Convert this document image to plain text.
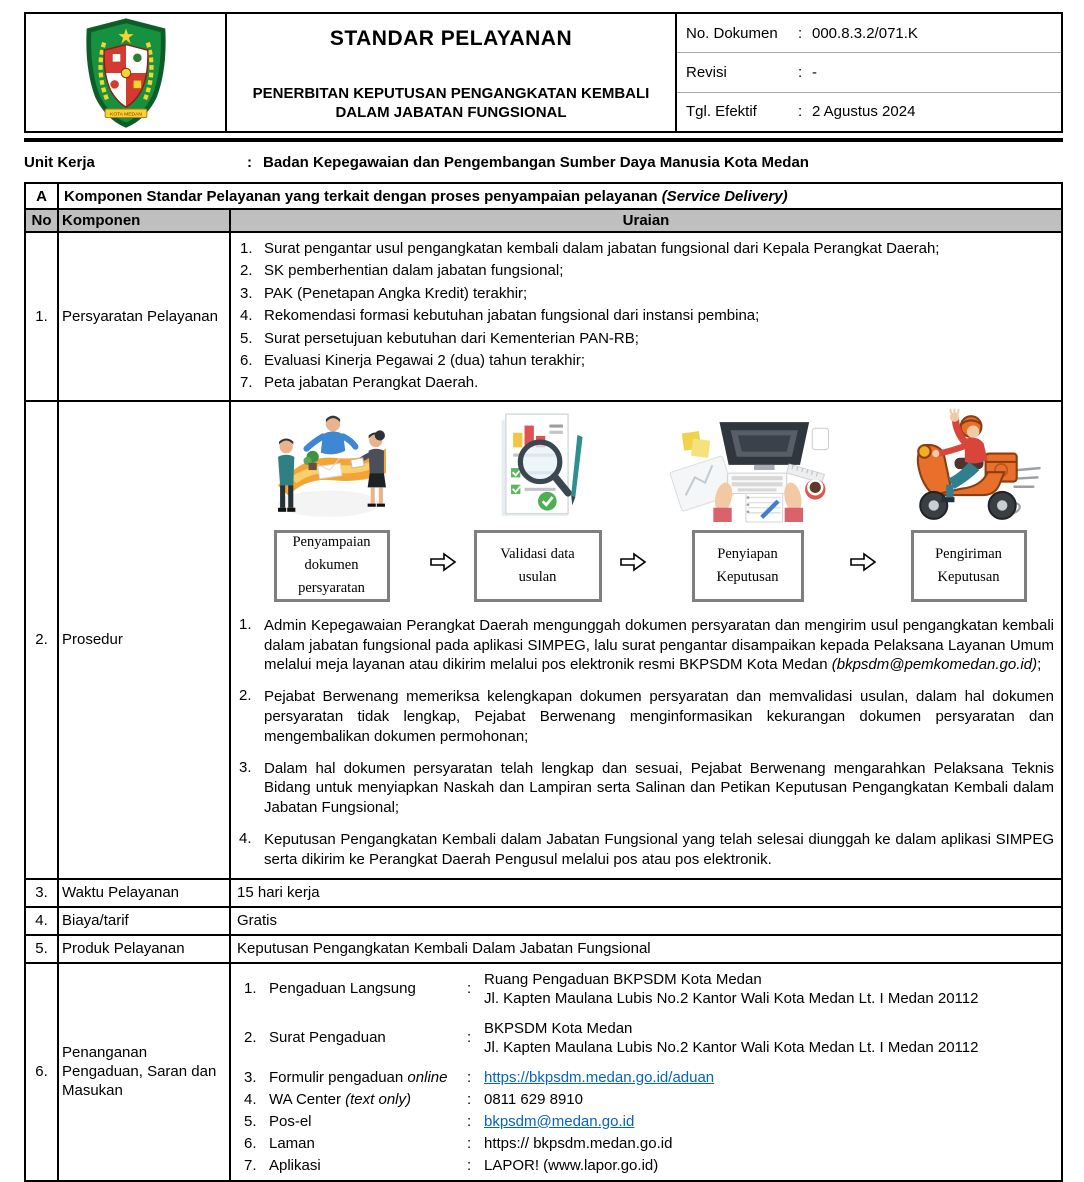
KOTA MEDAN
STANDAR PELAYANAN
PENERBITAN KEPUTUSAN PENGANGKATAN KEMBALI
DALAM JABATAN FUNGSIONAL
No. Dokumen	: 000.8.3.2/071.K
Revisi	: -
Tgl. Efektif	: 2 Agustus 2024
Unit Kerja	: Badan Kepegawaian dan Pengembangan Sumber Daya Manusia Kota Medan
A	Komponen Standar Pelayanan yang terkait dengan proses penyampaian pelayanan (Service Delivery)	
No	Komponen	Uraian
1.	Persyaratan Pelayanan	
1. Surat pengantar usul pengangkatan kembali dalam jabatan fungsional dari Kepala Perangkat Daerah;
2. SK pemberhentian dalam jabatan fungsional;
3. PAK (Penetapan Angka Kredit) terakhir;
4. Rekomendasi formasi kebutuhan jabatan fungsional dari instansi pembina;
5. Surat persetujuan kebutuhan dari Kementerian PAN-RB;
6. Evaluasi Kinerja Pegawai 2 (dua) tahun terakhir;
7. Peta jabatan Perangkat Daerah.

2.	Prosedur	
Penyampaian dokumen persyaratan
Validasi data usulan
Penyiapan Keputusan
Pengiriman Keputusan
1. Admin Kepegawaian Perangkat Daerah mengunggah dokumen persyaratan dan mengirim usul pengangkatan kembali dalam jabatan fungsional pada aplikasi SIMPEG, lalu surat pengantar disampaikan kepada Pelaksana Layanan Umum melalui meja layanan atau dikirim melalui pos elektronik resmi BKPSDM Kota Medan (bkpsdm@pemkomedan.go.id);
2. Pejabat Berwenang memeriksa kelengkapan dokumen persyaratan dan memvalidasi usulan, dalam hal dokumen persyaratan tidak lengkap, Pejabat Berwenang menginformasikan kekurangan dokumen persyaratan dan mengembalikan dokumen permohonan;
3. Dalam hal dokumen persyaratan telah lengkap dan sesuai, Pejabat Berwenang mengarahkan Pelaksana Teknis Bidang untuk menyiapkan Naskah dan Lampiran serta Salinan dan Petikan Keputusan Pengangkatan Kembali dalam Jabatan Fungsional;
4. Keputusan Pengangkatan Kembali dalam Jabatan Fungsional yang telah selesai diunggah ke dalam aplikasi SIMPEG serta dikirim ke Perangkat Daerah Pengusul melalui pos atau pos elektronik.

3.	Waktu Pelayanan	15 hari kerja
4.	Biaya/tarif	Gratis
5.	Produk Pelayanan	Keputusan Pengangkatan Kembali Dalam Jabatan Fungsional
6.	Penanganan Pengaduan, Saran dan Masukan	
1. Pengaduan Langsung	:
Ruang Pengaduan BKPSDM Kota Medan
Jl. Kapten Maulana Lubis No.2 Kantor Wali Kota Medan Lt. I Medan 20112
2. Surat Pengaduan	:
BKPSDM Kota Medan
Jl. Kapten Maulana Lubis No.2 Kantor Wali Kota Medan Lt. I Medan 20112
3. Formulir pengaduan online	: https://bkpsdm.medan.go.id/aduan
4. WA Center (text only)	: 0811 629 8910
5. Pos-el	: bkpsdm@medan.go.id
6. Laman	: https:// bkpsdm.medan.go.id
7. Aplikasi	: LAPOR! (www.lapor.go.id)
